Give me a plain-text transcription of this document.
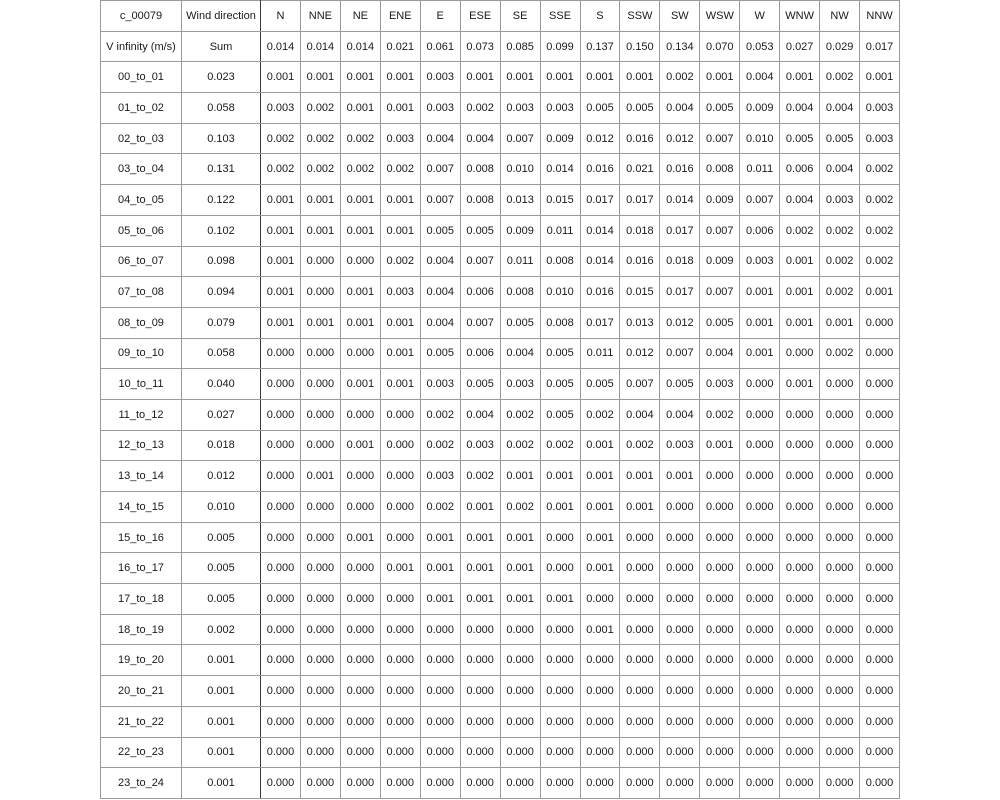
c_00079	Wind direction	N	NNE	NE	ENE	E	ESE	SE	SSE	S	SSW	SW	WSW	W	WNW	NW	NNW
V infinity (m/s)	Sum	0.014	0.014	0.014	0.021	0.061	0.073	0.085	0.099	0.137	0.150	0.134	0.070	0.053	0.027	0.029	0.017
00_to_01	0.023	0.001	0.001	0.001	0.001	0.003	0.001	0.001	0.001	0.001	0.001	0.002	0.001	0.004	0.001	0.002	0.001
01_to_02	0.058	0.003	0.002	0.001	0.001	0.003	0.002	0.003	0.003	0.005	0.005	0.004	0.005	0.009	0.004	0.004	0.003
02_to_03	0.103	0.002	0.002	0.002	0.003	0.004	0.004	0.007	0.009	0.012	0.016	0.012	0.007	0.010	0.005	0.005	0.003
03_to_04	0.131	0.002	0.002	0.002	0.002	0.007	0.008	0.010	0.014	0.016	0.021	0.016	0.008	0.011	0.006	0.004	0.002
04_to_05	0.122	0.001	0.001	0.001	0.001	0.007	0.008	0.013	0.015	0.017	0.017	0.014	0.009	0.007	0.004	0.003	0.002
05_to_06	0.102	0.001	0.001	0.001	0.001	0.005	0.005	0.009	0.011	0.014	0.018	0.017	0.007	0.006	0.002	0.002	0.002
06_to_07	0.098	0.001	0.000	0.000	0.002	0.004	0.007	0.011	0.008	0.014	0.016	0.018	0.009	0.003	0.001	0.002	0.002
07_to_08	0.094	0.001	0.000	0.001	0.003	0.004	0.006	0.008	0.010	0.016	0.015	0.017	0.007	0.001	0.001	0.002	0.001
08_to_09	0.079	0.001	0.001	0.001	0.001	0.004	0.007	0.005	0.008	0.017	0.013	0.012	0.005	0.001	0.001	0.001	0.000
09_to_10	0.058	0.000	0.000	0.000	0.001	0.005	0.006	0.004	0.005	0.011	0.012	0.007	0.004	0.001	0.000	0.002	0.000
10_to_11	0.040	0.000	0.000	0.001	0.001	0.003	0.005	0.003	0.005	0.005	0.007	0.005	0.003	0.000	0.001	0.000	0.000
11_to_12	0.027	0.000	0.000	0.000	0.000	0.002	0.004	0.002	0.005	0.002	0.004	0.004	0.002	0.000	0.000	0.000	0.000
12_to_13	0.018	0.000	0.000	0.001	0.000	0.002	0.003	0.002	0.002	0.001	0.002	0.003	0.001	0.000	0.000	0.000	0.000
13_to_14	0.012	0.000	0.001	0.000	0.000	0.003	0.002	0.001	0.001	0.001	0.001	0.001	0.000	0.000	0.000	0.000	0.000
14_to_15	0.010	0.000	0.000	0.000	0.000	0.002	0.001	0.002	0.001	0.001	0.001	0.000	0.000	0.000	0.000	0.000	0.000
15_to_16	0.005	0.000	0.000	0.001	0.000	0.001	0.001	0.001	0.000	0.001	0.000	0.000	0.000	0.000	0.000	0.000	0.000
16_to_17	0.005	0.000	0.000	0.000	0.001	0.001	0.001	0.001	0.000	0.001	0.000	0.000	0.000	0.000	0.000	0.000	0.000
17_to_18	0.005	0.000	0.000	0.000	0.000	0.001	0.001	0.001	0.001	0.000	0.000	0.000	0.000	0.000	0.000	0.000	0.000
18_to_19	0.002	0.000	0.000	0.000	0.000	0.000	0.000	0.000	0.000	0.001	0.000	0.000	0.000	0.000	0.000	0.000	0.000
19_to_20	0.001	0.000	0.000	0.000	0.000	0.000	0.000	0.000	0.000	0.000	0.000	0.000	0.000	0.000	0.000	0.000	0.000
20_to_21	0.001	0.000	0.000	0.000	0.000	0.000	0.000	0.000	0.000	0.000	0.000	0.000	0.000	0.000	0.000	0.000	0.000
21_to_22	0.001	0.000	0.000	0.000	0.000	0.000	0.000	0.000	0.000	0.000	0.000	0.000	0.000	0.000	0.000	0.000	0.000
22_to_23	0.001	0.000	0.000	0.000	0.000	0.000	0.000	0.000	0.000	0.000	0.000	0.000	0.000	0.000	0.000	0.000	0.000
23_to_24	0.001	0.000	0.000	0.000	0.000	0.000	0.000	0.000	0.000	0.000	0.000	0.000	0.000	0.000	0.000	0.000	0.000
